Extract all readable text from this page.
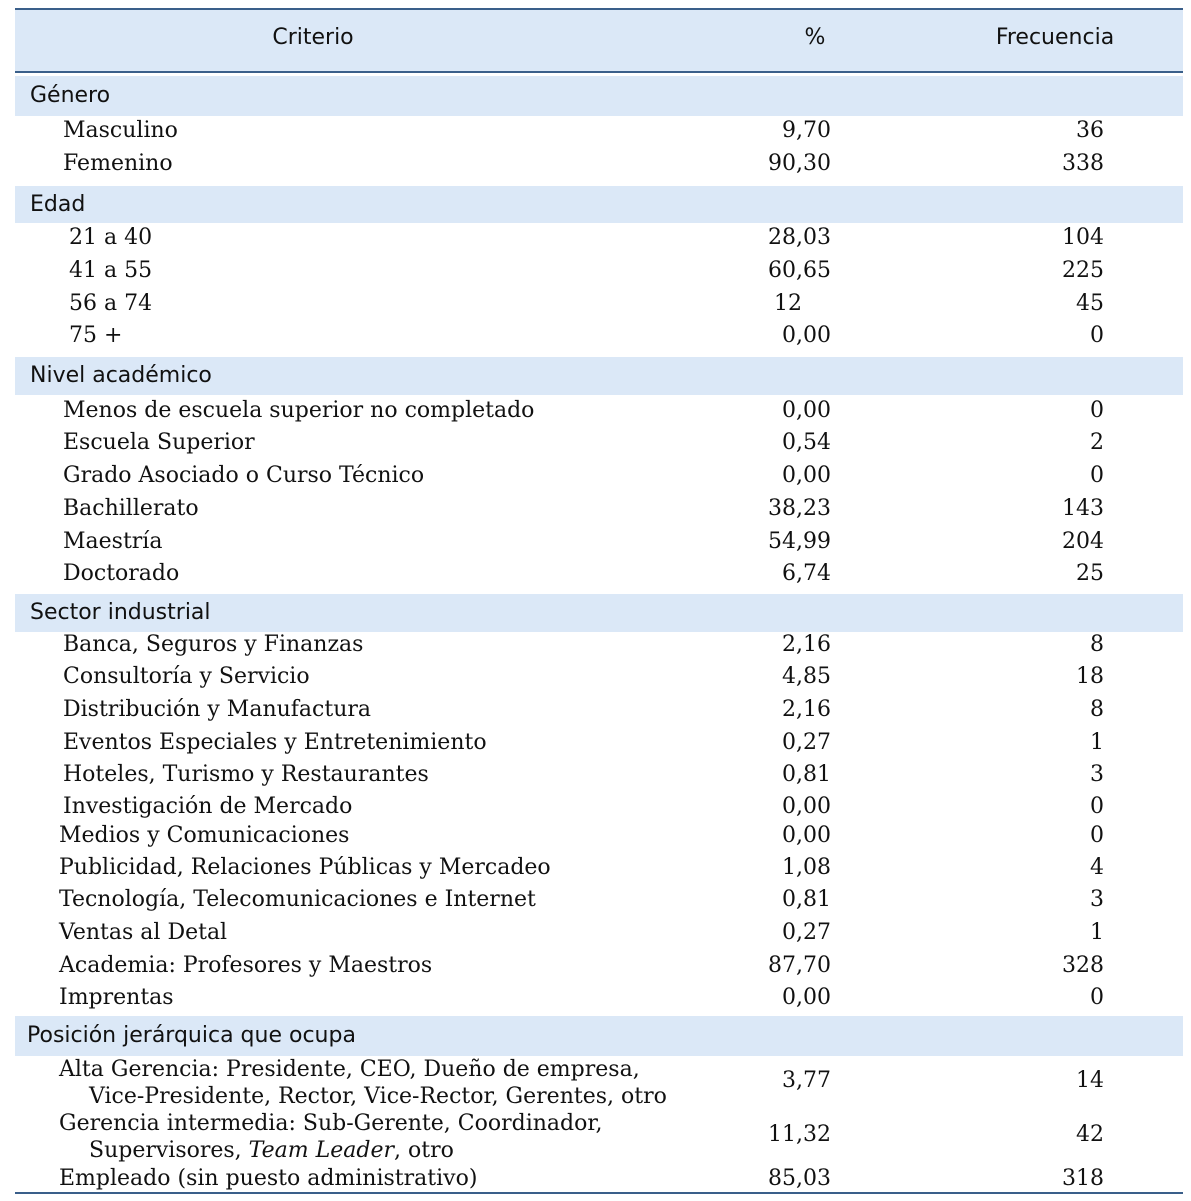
Criterio	%	Frecuencia
Género
Masculino	9,70	36
Femenino	90,30	338
Edad
21 a 40	28,03	104
41 a 55	60,65	225
56 a 74	12	45
75 +	0,00	0
Nivel académico
Menos de escuela superior no completado	0,00	0
Escuela Superior	0,54	2
Grado Asociado o Curso Técnico	0,00	0
Bachillerato	38,23	143
Maestría	54,99	204
Doctorado	6,74	25
Sector industrial
Banca, Seguros y Finanzas	2,16	8
Consultoría y Servicio	4,85	18
Distribución y Manufactura	2,16	8
Eventos Especiales y Entretenimiento	0,27	1
Hoteles, Turismo y Restaurantes	0,81	3
Investigación de Mercado	0,00	0
Medios y Comunicaciones	0,00	0
Publicidad, Relaciones Públicas y Mercadeo	1,08	4
Tecnología, Telecomunicaciones e Internet	0,81	3
Ventas al Detal	0,27	1
Academia: Profesores y Maestros	87,70	328
Imprentas	0,00	0
Posición jerárquica que ocupa
Alta Gerencia: Presidente, CEO, Dueño de empresa,
Vice-Presidente, Rector, Vice-Rector, Gerentes, otro
3,77	14
Gerencia intermedia: Sub-Gerente, Coordinador,
Supervisores, Team Leader, otro
11,32	42
Empleado (sin puesto administrativo)	85,03	318
